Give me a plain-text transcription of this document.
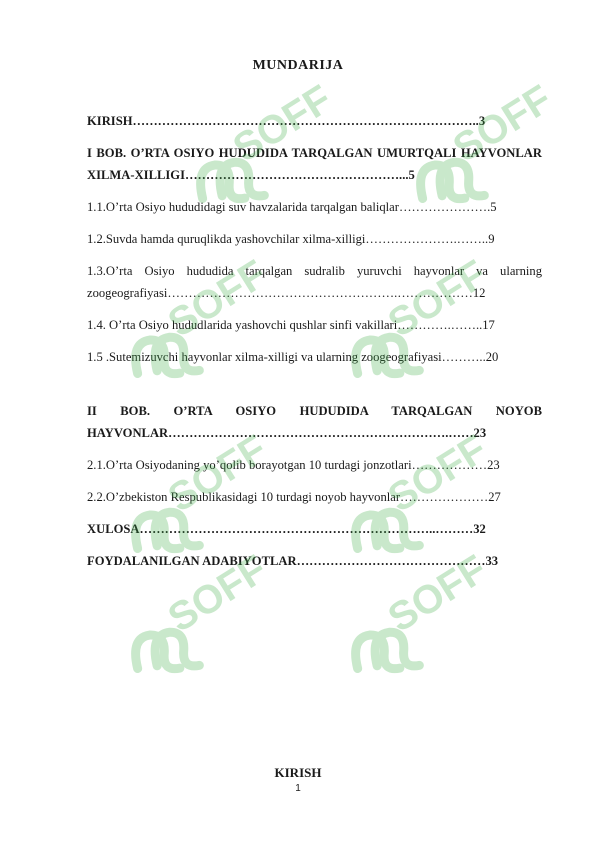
MUNDARIJA
KIRISH………………………………………………………………………..3
I BOB. O’RTA OSIYO HUDUDIDA TARQALGAN UMURTQALI HAYVONLAR XILMA-XILLIGI……………………………………………...5
1.1.O’rta Osiyo hududidagi suv havzalarida tarqalgan baliqlar………………….5
1.2.Suvda hamda quruqlikda yashovchilar xilma-xilligi………………….……..9
1.3.O’rta Osiyo hududida tarqalgan sudralib yuruvchi hayvonlar va ularning zoogeografiyasi……………………………………………….………………12
1.4. O’rta Osiyo hududlarida yashovchi qushlar sinfi vakillari………….……..17
1.5 .Sutemizuvchi hayvonlar xilma-xilligi va ularning zoogeografiyasi………..20
II BOB. O’RTA OSIYO HUDUDIDA TARQALGAN NOYOB HAYVONLAR………………………………………………………….……23
2.1.O’rta Osiyodaning yo’qolib borayotgan 10 turdagi jonzotlari………………23
2.2.O’zbekiston Respublikasidagi 10 turdagi noyob hayvonlar…………………27
XULOSA……………………………………………………………..………32
FOYDALANILGAN ADABIYOTLAR………………………………………33
KIRISH
1
SOFF	SOFF
SOFF	SOFF
SOFF	SOFF
SOFF	SOFF
